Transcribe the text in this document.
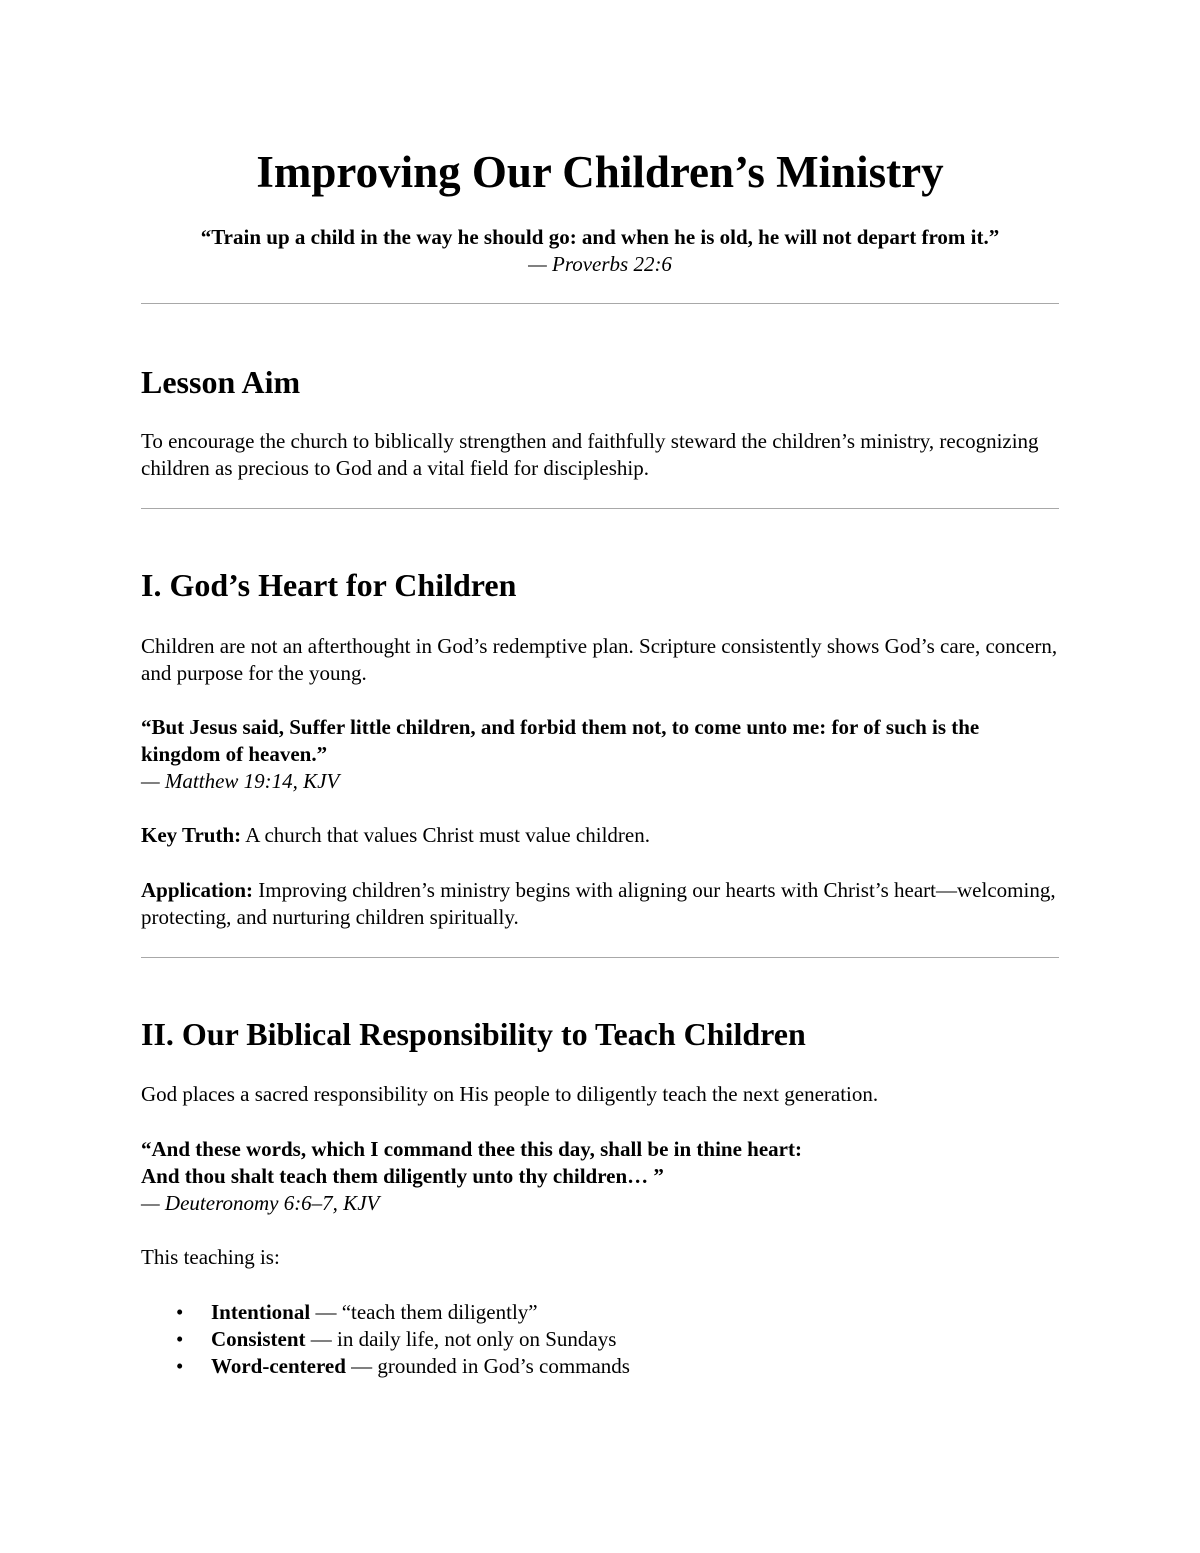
Improving Our Children’s Ministry
“Train up a child in the way he should go: and when he is old, he will not depart from it.”
— Proverbs 22:6
Lesson Aim
To encourage the church to biblically strengthen and faithfully steward the children’s ministry, recognizing children as precious to God and a vital field for discipleship.
I. God’s Heart for Children
Children are not an afterthought in God’s redemptive plan. Scripture consistently shows God’s care, concern, and purpose for the young.
“But Jesus said, Suffer little children, and forbid them not, to come unto me: for of such is the kingdom of heaven.”
— Matthew 19:14, KJV
Key Truth: A church that values Christ must value children.
Application: Improving children’s ministry begins with aligning our hearts with Christ’s heart—welcoming, protecting, and nurturing children spiritually.
II. Our Biblical Responsibility to Teach Children
God places a sacred responsibility on His people to diligently teach the next generation.
“And these words, which I command thee this day, shall be in thine heart:
And thou shalt teach them diligently unto thy children… ”
— Deuteronomy 6:6–7, KJV
This teaching is:
• Intentional — “teach them diligently”
• Consistent — in daily life, not only on Sundays
• Word-centered — grounded in God’s commands
